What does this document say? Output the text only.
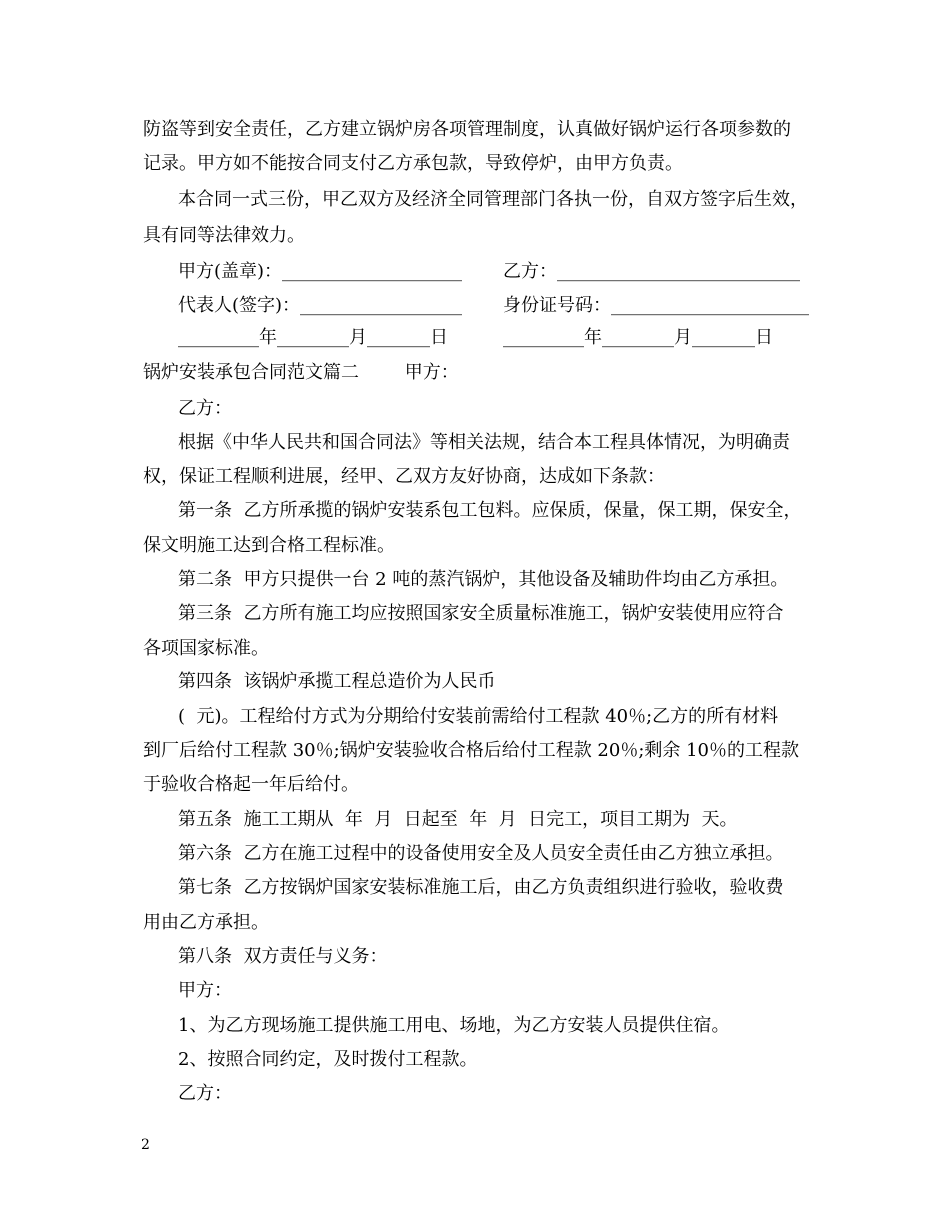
防盗等到安全责任，乙方建立锅炉房各项管理制度，认真做好锅炉运行各项参数的
记录。甲方如不能按合同支付乙方承包款，导致停炉，由甲方负责。
本合同一式三份，甲乙双方及经济全同管理部门各执一份，自双方签字后生效，
具有同等法律效力。
甲方(盖章)：____________________ 乙方：___________________________
代表人(签字)：__________________ 身份证号码：______________________
_________年________月_______日	_________年________月_______日
锅炉安装承包合同范文篇二        甲方：
乙方：
根据《中华人民共和国合同法》等相关法规，结合本工程具体情况，为明确责
权，保证工程顺利进展，经甲、乙双方友好协商，达成如下条款：
第一条  乙方所承揽的锅炉安装系包工包料。应保质，保量，保工期，保安全，
保文明施工达到合格工程标准。
第二条  甲方只提供一台 2 吨的蒸汽锅炉，其他设备及辅助件均由乙方承担。
第三条  乙方所有施工均应按照国家安全质量标准施工，锅炉安装使用应符合
各项国家标准。
第四条  该锅炉承揽工程总造价为人民币
(  元)。工程给付方式为分期给付安装前需给付工程款 40％;乙方的所有材料
到厂后给付工程款 30％;锅炉安装验收合格后给付工程款 20％;剩余 10％的工程款
于验收合格起一年后给付。
第五条  施工工期从  年  月  日起至  年  月  日完工，项目工期为  天。
第六条  乙方在施工过程中的设备使用安全及人员安全责任由乙方独立承担。
第七条  乙方按锅炉国家安装标准施工后，由乙方负责组织进行验收，验收费
用由乙方承担。
第八条  双方责任与义务：
甲方：
1、为乙方现场施工提供施工用电、场地，为乙方安装人员提供住宿。
2、按照合同约定，及时拨付工程款。
乙方：
2
